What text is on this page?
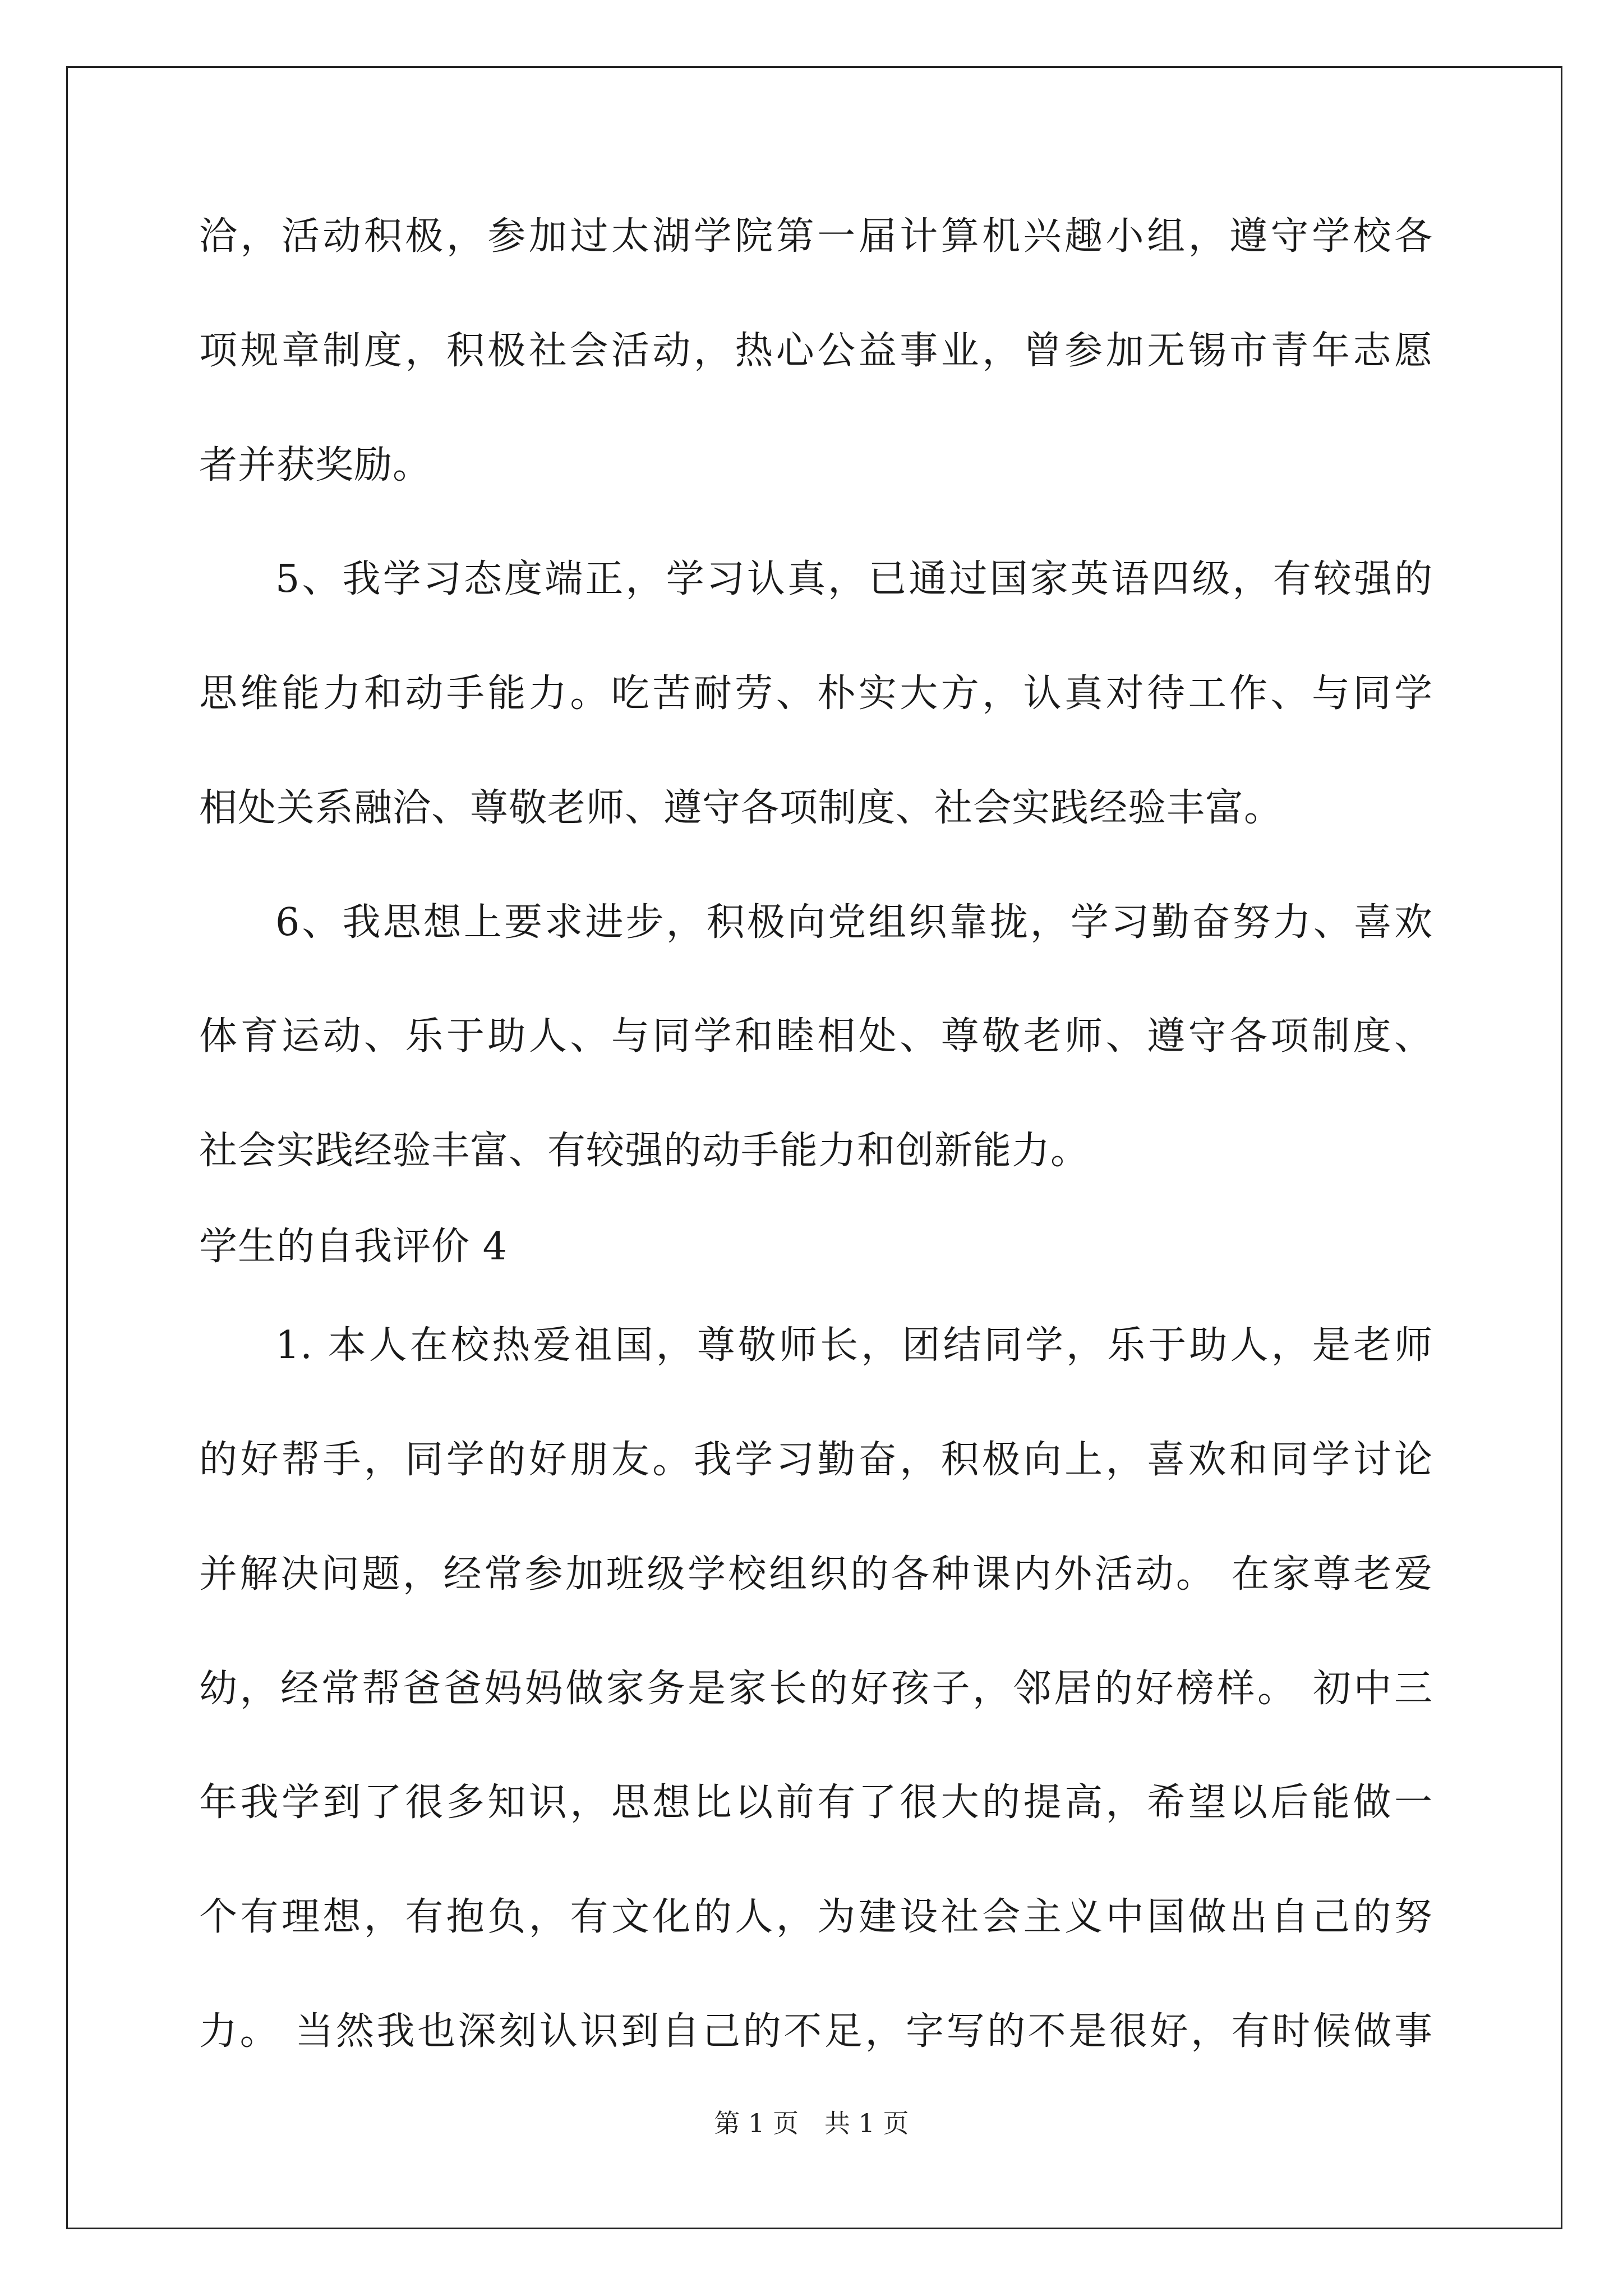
洽，活动积极，参加过太湖学院第一届计算机兴趣小组，遵守学校各
项规章制度，积极社会活动，热心公益事业，曾参加无锡市青年志愿
者并获奖励。
5、我学习态度端正，学习认真，已通过国家英语四级，有较强的
思维能力和动手能力。吃苦耐劳、朴实大方，认真对待工作、与同学
相处关系融洽、尊敬老师、遵守各项制度、社会实践经验丰富。
6、我思想上要求进步，积极向党组织靠拢，学习勤奋努力、喜欢
体育运动、乐于助人、与同学和睦相处、尊敬老师、遵守各项制度、
社会实践经验丰富、有较强的动手能力和创新能力。
学生的自我评价 4
1. 本人在校热爱祖国，尊敬师长，团结同学，乐于助人，是老师
的好帮手，同学的好朋友。我学习勤奋，积极向上，喜欢和同学讨论
并解决问题，经常参加班级学校组织的各种课内外活动。 在家尊老爱
幼，经常帮爸爸妈妈做家务是家长的好孩子，邻居的好榜样。 初中三
年我学到了很多知识，思想比以前有了很大的提高，希望以后能做一
个有理想，有抱负，有文化的人，为建设社会主义中国做出自己的努
力。 当然我也深刻认识到自己的不足，字写的不是很好，有时候做事
第 1 页　共 1 页
